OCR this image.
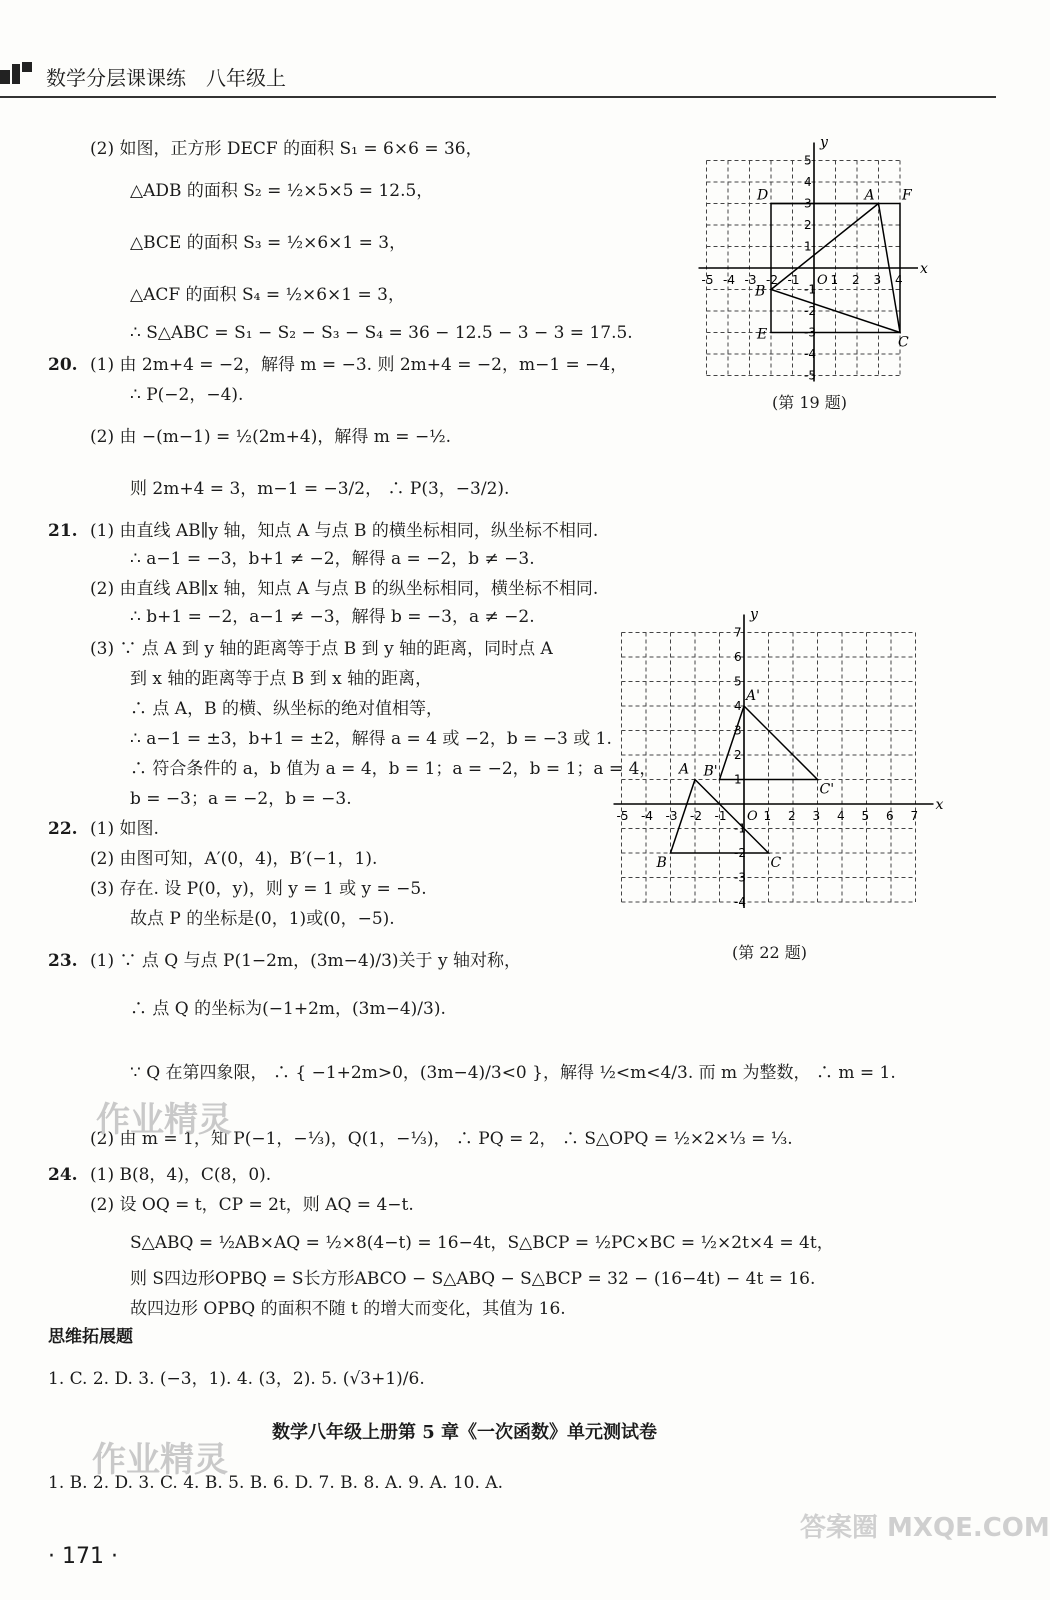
数学分层课课练 八年级上
(2) 如图，正方形 DECF 的面积 S₁ = 6×6 = 36，
△ADB 的面积 S₂ = ½×5×5 = 12.5，
△BCE 的面积 S₃ = ½×6×1 = 3，
△ACF 的面积 S₄ = ½×6×1 = 3，
∴ S△ABC = S₁ − S₂ − S₃ − S₄ = 36 − 12.5 − 3 − 3 = 17.5.
20. (1) 由 2m+4 = −2，解得 m = −3. 则 2m+4 = −2，m−1 = −4，
∴ P(−2，−4).
(2) 由 −(m−1) = ½(2m+4)，解得 m = −½.
则 2m+4 = 3，m−1 = −3/2， ∴ P(3，−3/2).
21. (1) 由直线 AB∥y 轴，知点 A 与点 B 的横坐标相同，纵坐标不相同.
∴ a−1 = −3，b+1 ≠ −2，解得 a = −2，b ≠ −3.
(2) 由直线 AB∥x 轴，知点 A 与点 B 的纵坐标相同，横坐标不相同.
∴ b+1 = −2，a−1 ≠ −3，解得 b = −3，a ≠ −2.
(3) ∵ 点 A 到 y 轴的距离等于点 B 到 y 轴的距离，同时点 A
到 x 轴的距离等于点 B 到 x 轴的距离，
∴ 点 A，B 的横、纵坐标的绝对值相等，
∴ a−1 = ±3，b+1 = ±2，解得 a = 4 或 −2，b = −3 或 1.
∴ 符合条件的 a，b 值为 a = 4，b = 1；a = −2，b = 1；a = 4，
b = −3；a = −2，b = −3.
22. (1) 如图.
(2) 由图可知，A′(0，4)，B′(−1，1).
(3) 存在. 设 P(0，y)，则 y = 1 或 y = −5.
故点 P 的坐标是(0，1)或(0，−5).
23. (1) ∵ 点 Q 与点 P(1−2m，(3m−4)/3)关于 y 轴对称，
∴ 点 Q 的坐标为(−1+2m，(3m−4)/3).
∵ Q 在第四象限， ∴ { −1+2m>0，(3m−4)/3<0 }，解得 ½<m<4/3. 而 m 为整数， ∴ m = 1.
(2) 由 m = 1，知 P(−1，−⅓)，Q(1，−⅓)， ∴ PQ = 2， ∴ S△OPQ = ½×2×⅓ = ⅓.
24. (1) B(8，4)，C(8，0).
(2) 设 OQ = t，CP = 2t，则 AQ = 4−t.
S△ABQ = ½AB×AQ = ½×8(4−t) = 16−4t，S△BCP = ½PC×BC = ½×2t×4 = 4t，
则 S四边形OPBQ = S长方形ABCO − S△ABQ − S△BCP = 32 − (16−4t) − 4t = 16.
故四边形 OPBQ 的面积不随 t 的增大而变化，其值为 16.
思维拓展题
1. C. 2. D. 3. (−3，1). 4. (3，2). 5. (√3+1)/6.
数学八年级上册第 5 章《一次函数》单元测试卷
1. B. 2. D. 3. C. 4. B. 5. B. 6. D. 7. B. 8. A. 9. A. 10. A.
x
y
-5 -4 -3 -2 -1	1 2 3 4
-5
-4
-3
-2
-1
1
2
3
4
5
O
D	A F
B
E	C
(第 19 题)
x
y
-5 -4 -3 -2 -1	1 2 3 4 5 6 7
-4
-3
-2
-1
1
2
3
4
5
6
7
O
A
B	C
A'
B'
C'
(第 22 题)
作业精灵
作业精灵
· 171 ·
答案圈 MXQE.COM
